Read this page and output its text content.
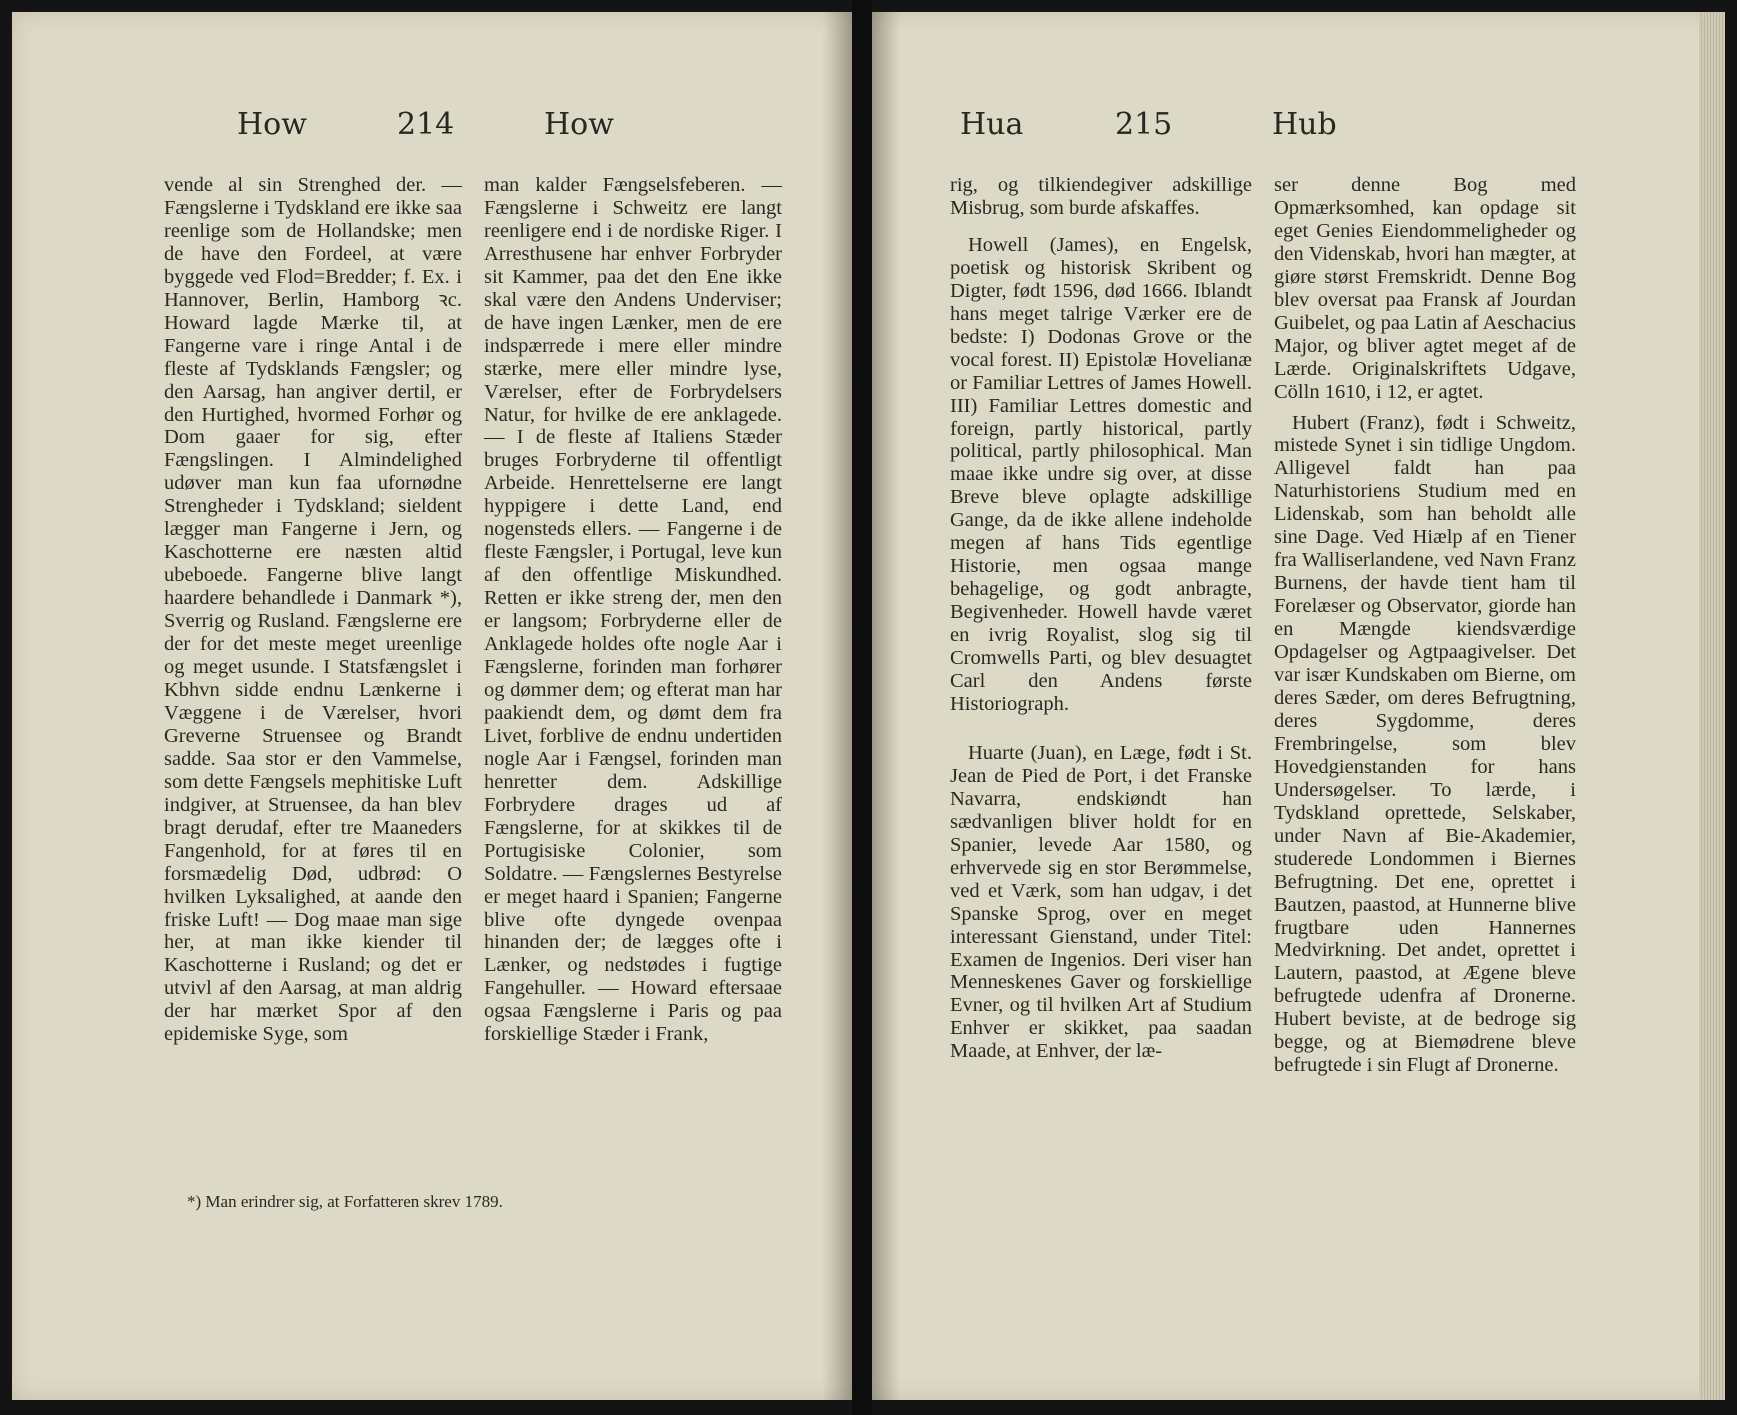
How	214	How

vende al sin Strenghed der. — Fængslerne i Tydskland ere ikke saa reenlige som de Hollandske; men de have den Fordeel, at være byggede ved Flod=Bredder; f. Ex. i Hannover, Berlin, Hamborg ꝛc. Howard lagde Mærke til, at Fangerne vare i ringe Antal i de fleste af Tydsklands Fængsler; og den Aarsag, han angiver dertil, er den Hurtighed, hvormed Forhør og Dom gaaer for sig, efter Fængslingen. I Almindelighed udøver man kun faa ufornødne Strengheder i Tydskland; sieldent lægger man Fangerne i Jern, og Kaschotterne ere næsten altid ubeboede. Fangerne blive langt haardere behandlede i Danmark *), Sverrig og Rusland. Fængslerne ere der for det meste meget ureenlige og meget usunde. I Statsfængslet i Kbhvn sidde endnu Lænkerne i Væggene i de Værelser, hvori Greverne Struensee og Brandt sadde. Saa stor er den Vammelse, som dette Fængsels mephitiske Luft indgiver, at Struensee, da han blev bragt derudaf, efter tre Maaneders Fangenhold, for at føres til en forsmædelig Død, udbrød: O hvilken Lyksalighed, at aande den friske Luft! — Dog maae man sige her, at man ikke kiender til Kaschotterne i Rusland; og det er utvivl af den Aarsag, at man aldrig der har mærket Spor af den epidemiske Syge, som

man kalder Fængselsfeberen. — Fængslerne i Schweitz ere langt reenligere end i de nordiske Riger. I Arresthusene har enhver Forbryder sit Kammer, paa det den Ene ikke skal være den Andens Underviser; de have ingen Lænker, men de ere indspærrede i mere eller mindre stærke, mere eller mindre lyse, Værelser, efter de Forbrydelsers Natur, for hvilke de ere anklagede. — I de fleste af Italiens Stæder bruges Forbryderne til offentligt Arbeide. Henrettelserne ere langt hyppigere i dette Land, end nogensteds ellers. — Fangerne i de fleste Fængsler, i Portugal, leve kun af den offentlige Miskundhed. Retten er ikke streng der, men den er langsom; Forbryderne eller de Anklagede holdes ofte nogle Aar i Fængslerne, forinden man forhører og dømmer dem; og efterat man har paakiendt dem, og dømt dem fra Livet, forblive de endnu undertiden nogle Aar i Fængsel, forinden man henretter dem. Adskillige Forbrydere drages ud af Fængslerne, for at skikkes til de Portugisiske Colonier, som Soldatre. — Fængslernes Bestyrelse er meget haard i Spanien; Fangerne blive ofte dyngede ovenpaa hinanden der; de lægges ofte i Lænker, og nedstødes i fugtige Fangehuller. — Howard eftersaae ogsaa Fængslerne i Paris og paa forskiellige Stæder i Frank,

*) Man erindrer sig, at Forfatteren skrev 1789.
Hua	215	Hub

rig, og tilkiendegiver adskillige Misbrug, som burde afskaffes.

Howell (James), en Engelsk, poetisk og historisk Skribent og Digter, født 1596, død 1666. Iblandt hans meget talrige Værker ere de bedste: I) Dodonas Grove or the vocal forest. II) Epistolæ Hovelianæ or Familiar Lettres of James Howell. III) Familiar Lettres domestic and foreign, partly historical, partly political, partly philosophical. Man maae ikke undre sig over, at disse Breve bleve oplagte adskillige Gange, da de ikke allene indeholde megen af hans Tids egentlige Historie, men ogsaa mange behagelige, og godt anbragte, Begivenheder. Howell havde været en ivrig Royalist, slog sig til Cromwells Parti, og blev desuagtet Carl den Andens første Historiograph.

Huarte (Juan), en Læge, født i St. Jean de Pied de Port, i det Franske Navarra, endskiøndt han sædvanligen bliver holdt for en Spanier, levede Aar 1580, og erhvervede sig en stor Berømmelse, ved et Værk, som han udgav, i det Spanske Sprog, over en meget interessant Gienstand, under Titel: Examen de Ingenios. Deri viser han Menneskenes Gaver og forskiellige Evner, og til hvilken Art af Studium Enhver er skikket, paa saadan Maade, at Enhver, der læ-

ser denne Bog med Opmærksomhed, kan opdage sit eget Genies Eiendommeligheder og den Videnskab, hvori han mægter, at giøre størst Fremskridt. Denne Bog blev oversat paa Fransk af Jourdan Guibelet, og paa Latin af Aeschacius Major, og bliver agtet meget af de Lærde. Originalskriftets Udgave, Cölln 1610, i 12, er agtet.

Hubert (Franz), født i Schweitz, mistede Synet i sin tidlige Ungdom. Alligevel faldt han paa Naturhistoriens Studium med en Lidenskab, som han beholdt alle sine Dage. Ved Hiælp af en Tiener fra Walliserlandene, ved Navn Franz Burnens, der havde tient ham til Forelæser og Observator, giorde han en Mængde kiendsværdige Opdagelser og Agtpaagivelser. Det var især Kundskaben om Bierne, om deres Sæder, om deres Befrugtning, deres Sygdomme, deres Frembringelse, som blev Hovedgienstanden for hans Undersøgelser. To lærde, i Tydskland oprettede, Selskaber, under Navn af Bie-Akademier, studerede Londommen i Biernes Befrugtning. Det ene, oprettet i Bautzen, paastod, at Hunnerne blive frugtbare uden Hannernes Medvirkning. Det andet, oprettet i Lautern, paastod, at Ægene bleve befrugtede udenfra af Dronerne. Hubert beviste, at de bedroge sig begge, og at Biemødrene bleve befrugtede i sin Flugt af Dronerne.
